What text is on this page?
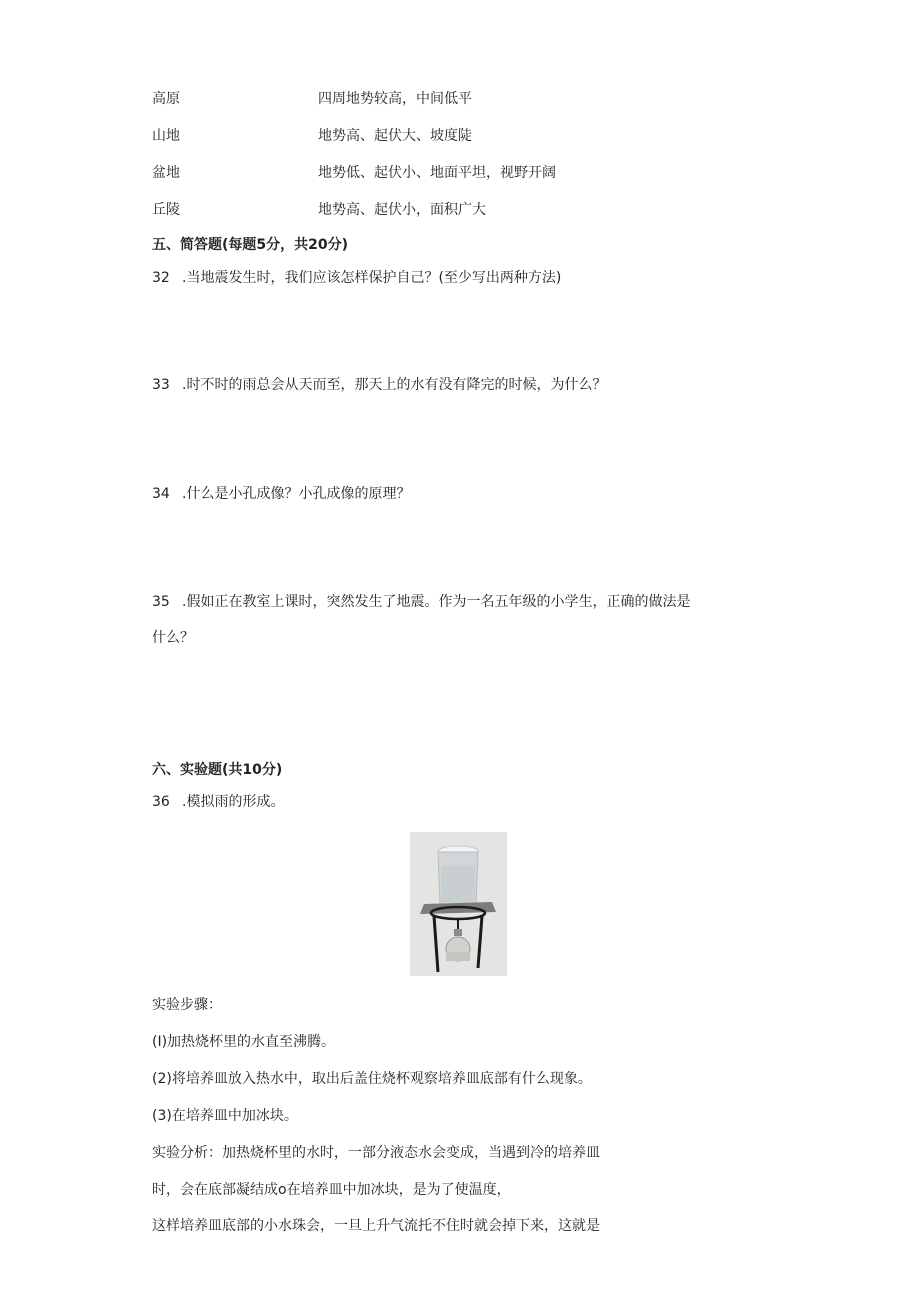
高原	四周地势较高，中间低平
山地	地势高、起伏大、坡度陡
盆地	地势低、起伏小、地面平坦，视野开阔
丘陵	地势高、起伏小，面积广大
五、简答题(每题5分，共20分)
32 .当地震发生时，我们应该怎样保护自己？(至少写出两种方法)
33 .时不时的雨总会从天而至，那天上的水有没有降完的时候，为什么？
34 .什么是小孔成像？小孔成像的原理？
35 .假如正在教室上课时，突然发生了地震。作为一名五年级的小学生，正确的做法是
什么？
六、实验题(共10分)
36 .模拟雨的形成。
实验步骤：
(I)加热烧杯里的水直至沸腾。
(2)将培养皿放入热水中，取出后盖住烧杯观察培养皿底部有什么现象。
(3)在培养皿中加冰块。
实验分析：加热烧杯里的水时，一部分液态水会变成，当遇到冷的培养皿
时，会在底部凝结成o在培养皿中加冰块，是为了使温度，
这样培养皿底部的小水珠会，一旦上升气流托不住时就会掉下来，这就是
